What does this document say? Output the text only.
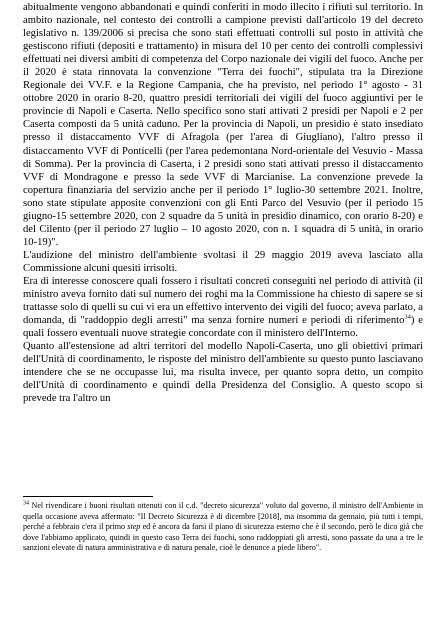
abitualmente vengono abbandonati e quindi conferiti in modo illecito i rifiuti sul territorio. In ambito nazionale, nel contesto dei controlli a campione previsti dall'articolo 19 del decreto legislativo n. 139/2006 si precisa che sono stati effettuati controlli sul posto in attività che gestiscono rifiuti (depositi e trattamento) in misura del 10 per cento dei controlli complessivi effettuati nei diversi ambiti di competenza del Corpo nazionale dei vigili del fuoco. Anche per il 2020 è stata rinnovata la convenzione "Terra dei fuochi", stipulata tra la Direzione Regionale dei VV.F. e la Regione Campania, che ha previsto, nel periodo 1° agosto - 31 ottobre 2020 in orario 8-20, quattro presidi territoriali dei vigili del fuoco aggiuntivi per le provincie di Napoli e Caserta. Nello specifico sono stati attivati 2 presidi per Napoli e 2 per Caserta composti da 5 unità caduno. Per la provincia di Napoli, un presidio è stato insediato presso il distaccamento VVF di Afragola (per l'area di Giugliano), l'altro presso il distaccamento VVF di Ponticelli (per l'area pedemontana Nord-orientale del Vesuvio - Massa di Somma). Per la provincia di Caserta, i 2 presidi sono stati attivati presso il distaccamento VVF di Mondragone e presso la sede VVF di Marcianise. La convenzione prevede la copertura finanziaria del servizio anche per il periodo 1° luglio-30 settembre 2021. Inoltre, sono state stipulate apposite convenzioni con gli Enti Parco del Vesuvio (per il periodo 15 giugno-15 settembre 2020, con 2 squadre da 5 unità in presidio dinamico, con orario 8-20) e del Cilento (per il periodo 27 luglio – 10 agosto 2020, con n. 1 squadra di 5 unità, in orario 10-19)".

L'audizione del ministro dell'ambiente svoltasi il 29 maggio 2019 aveva lasciato alla Commissione alcuni quesiti irrisolti.

Era di interesse conoscere quali fossero i risultati concreti conseguiti nel periodo di attività (il ministro aveva fornito dati sul numero dei roghi ma la Commissione ha chiesto di sapere se si trattasse solo di quelli su cui vi era un effettivo intervento dei vigili del fuoco; aveva parlato, a domanda, di "raddoppio degli arresti" ma senza fornire numeri e periodi di riferimento$^{34}$) e quali fossero eventuali nuove strategie concordate con il ministero dell'Interno.

Quanto all'estensione ad altri territori del modello Napoli-Caserta, uno gli obiettivi primari dell'Unità di coordinamento, le risposte del ministro dell'ambiente su questo punto lasciavano intendere che se ne occupasse lui, ma risulta invece, per quanto sopra detto, un compito dell'Unità di coordinamento e quindi della Presidenza del Consiglio. A questo scopo si prevede tra l'altro un

$^{34}$ Nel rivendicare i buoni risultati ottenuti con il c.d. "decreto sicurezza" voluto dal governo, il ministro dell'Ambiente in quella occasione aveva affermato: "Il Decreto Sicurezza è di dicembre [2018], ma insomma da gennaio, più tutti i tempi, perché a febbraio c'era il primo step ed è ancora da farsi il piano di sicurezza esterno che è il secondo, però le dico già che dove l'abbiamo applicato, quindi in questo caso Terra dei fuochi, sono raddoppiati gli arresti, sono passate da una a tre le sanzioni elevate di natura amministrativa e di natura penale, cioè le denunce a piede libero".
